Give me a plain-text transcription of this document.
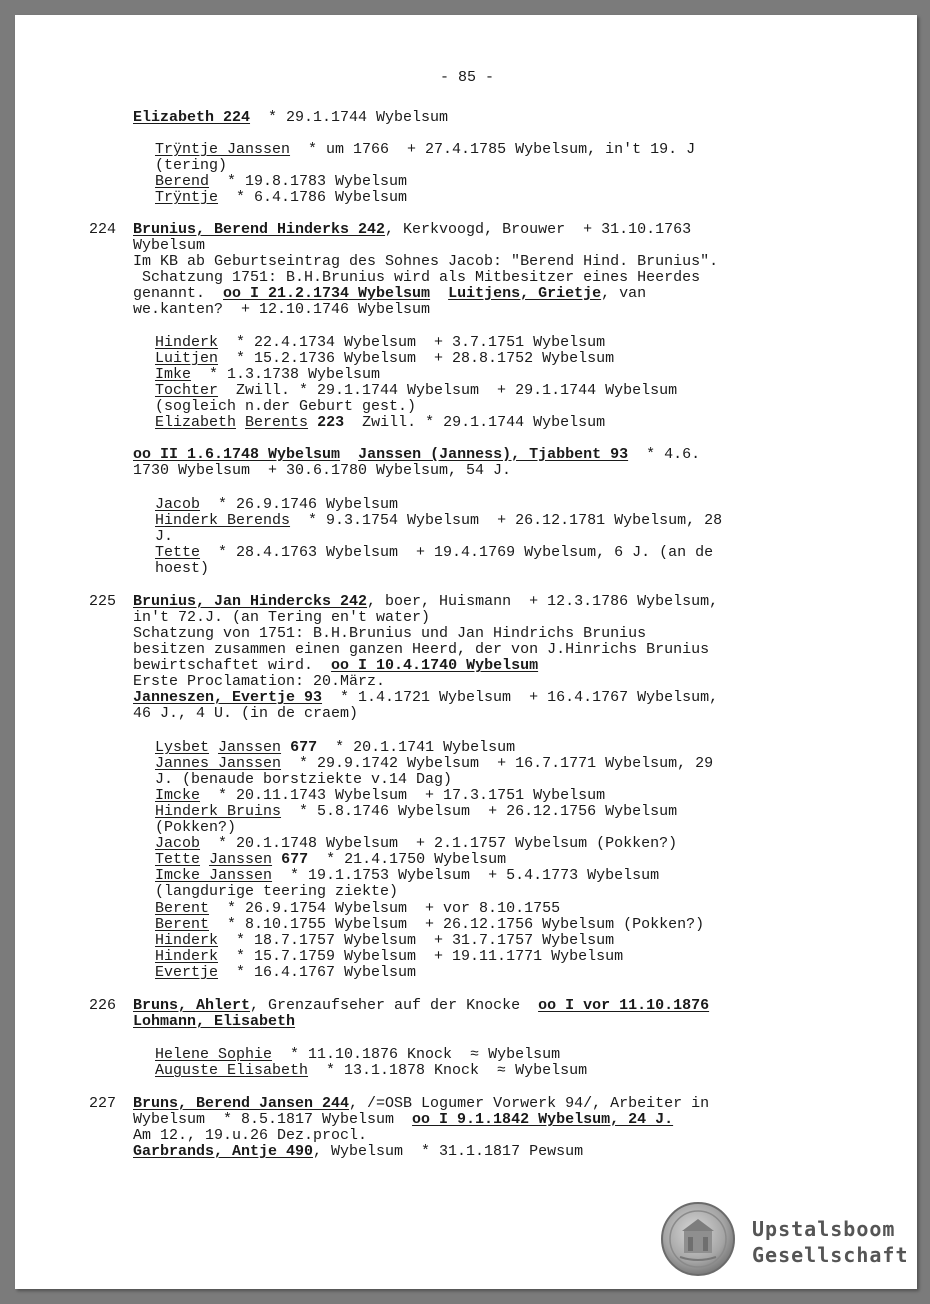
- 85 -
Elizabeth 224  * 29.1.1744 Wybelsum
Trÿntje Janssen  * um 1766  + 27.4.1785 Wybelsum, in't 19. J
(tering)
Berend  * 19.8.1783 Wybelsum
Trÿntje  * 6.4.1786 Wybelsum
224	Brunius, Berend Hinderks 242, Kerkvoogd, Brouwer  + 31.10.1763
Wybelsum
Im KB ab Geburtseintrag des Sohnes Jacob: "Berend Hind. Brunius".
Schatzung 1751: B.H.Brunius wird als Mitbesitzer eines Heerdes
genannt.  oo I 21.2.1734 Wybelsum Luitjens, Grietje, van
we.kanten?  + 12.10.1746 Wybelsum
Hinderk  * 22.4.1734 Wybelsum  + 3.7.1751 Wybelsum
Luitjen  * 15.2.1736 Wybelsum  + 28.8.1752 Wybelsum
Imke  * 1.3.1738 Wybelsum
Tochter  Zwill. * 29.1.1744 Wybelsum  + 29.1.1744 Wybelsum
(sogleich n.der Geburt gest.)
Elizabeth Berents 223  Zwill. * 29.1.1744 Wybelsum
oo II 1.6.1748 Wybelsum Janssen (Janness), Tjabbent 93  * 4.6.
1730 Wybelsum  + 30.6.1780 Wybelsum, 54 J.
Jacob  * 26.9.1746 Wybelsum
Hinderk Berends  * 9.3.1754 Wybelsum  + 26.12.1781 Wybelsum, 28
J.
Tette  * 28.4.1763 Wybelsum  + 19.4.1769 Wybelsum, 6 J. (an de
hoest)
225	Brunius, Jan Hindercks 242, boer, Huismann  + 12.3.1786 Wybelsum,
in't 72.J. (an Tering en't water)
Schatzung von 1751: B.H.Brunius und Jan Hindrichs Brunius
besitzen zusammen einen ganzen Heerd, der von J.Hinrichs Brunius
bewirtschaftet wird.  oo I 10.4.1740 Wybelsum
Erste Proclamation: 20.März.
Janneszen, Evertje 93  * 1.4.1721 Wybelsum  + 16.4.1767 Wybelsum,
46 J., 4 U. (in de craem)
Lysbet Janssen 677  * 20.1.1741 Wybelsum
Jannes Janssen  * 29.9.1742 Wybelsum  + 16.7.1771 Wybelsum, 29
J. (benaude borstziekte v.14 Dag)
Imcke  * 20.11.1743 Wybelsum  + 17.3.1751 Wybelsum
Hinderk Bruins  * 5.8.1746 Wybelsum  + 26.12.1756 Wybelsum
(Pokken?)
Jacob  * 20.1.1748 Wybelsum  + 2.1.1757 Wybelsum (Pokken?)
Tette Janssen 677  * 21.4.1750 Wybelsum
Imcke Janssen  * 19.1.1753 Wybelsum  + 5.4.1773 Wybelsum
(langdurige teering ziekte)
Berent  * 26.9.1754 Wybelsum  + vor 8.10.1755
Berent  * 8.10.1755 Wybelsum  + 26.12.1756 Wybelsum (Pokken?)
Hinderk  * 18.7.1757 Wybelsum  + 31.7.1757 Wybelsum
Hinderk  * 15.7.1759 Wybelsum  + 19.11.1771 Wybelsum
Evertje  * 16.4.1767 Wybelsum
226	Bruns, Ahlert, Grenzaufseher auf der Knocke  oo I vor 11.10.1876
Lohmann, Elisabeth
Helene Sophie  * 11.10.1876 Knock  ≈ Wybelsum
Auguste Elisabeth  * 13.1.1878 Knock  ≈ Wybelsum
227	Bruns, Berend Jansen 244, /=OSB Logumer Vorwerk 94/, Arbeiter in
Wybelsum  * 8.5.1817 Wybelsum  oo I 9.1.1842 Wybelsum, 24 J.
Am 12., 19.u.26 Dez.procl.
Garbrands, Antje 490, Wybelsum  * 31.1.1817 Pewsum
Upstalsboom
Gesellschaft
